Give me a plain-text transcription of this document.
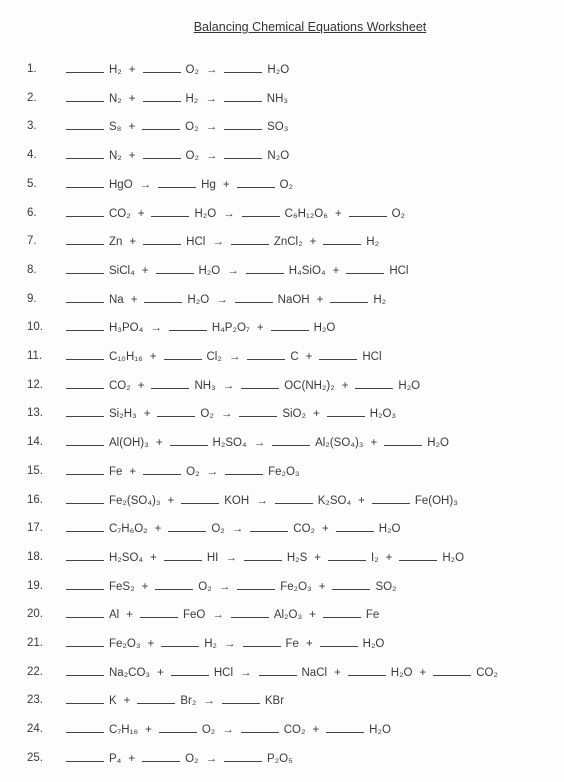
Balancing Chemical Equations Worksheet
1.	H₂ +	O₂ →	H₂O
2.	N₂ +	H₂ →	NH₃
3.	S₈ +	O₂ →	SO₃
4.	N₂ +	O₂ →	N₂O
5.	HgO →	Hg +	O₂
6.	CO₂ +	H₂O →	C₆H₁₂O₆ +	O₂
7.	Zn +	HCl →	ZnCl₂ +	H₂
8.	SiCl₄ +	H₂O →	H₄SiO₄ +	HCl
9.	Na +	H₂O →	NaOH +	H₂
10.	H₃PO₄ →	H₄P₂O₇ +	H₂O
11.	C₁₀H₁₆ +	Cl₂ →	C +	HCl
12.	CO₂ +	NH₃ →	OC(NH₂)₂ +	H₂O
13.	Si₂H₃ +	O₂ →	SiO₂ +	H₂O₃
14.	Al(OH)₃ +	H₂SO₄ →	Al₂(SO₄)₃ +	H₂O
15.	Fe +	O₂ →	Fe₂O₃
16.	Fe₂(SO₄)₃ +	KOH →	K₂SO₄ +	Fe(OH)₃
17.	C₇H₆O₂ +	O₂ →	CO₂ +	H₂O
18.	H₂SO₄ +	HI →	H₂S +	I₂ +	H₂O
19.	FeS₂ +	O₂ →	Fe₂O₃ +	SO₂
20.	Al +	FeO →	Al₂O₃ +	Fe
21.	Fe₂O₃ +	H₂ →	Fe +	H₂O
22.	Na₂CO₃ +	HCl →	NaCl +	H₂O +	CO₂
23.	K +	Br₂ →	KBr
24.	C₇H₁₆ +	O₂ →	CO₂ +	H₂O
25.	P₄ +	O₂ →	P₂O₅
